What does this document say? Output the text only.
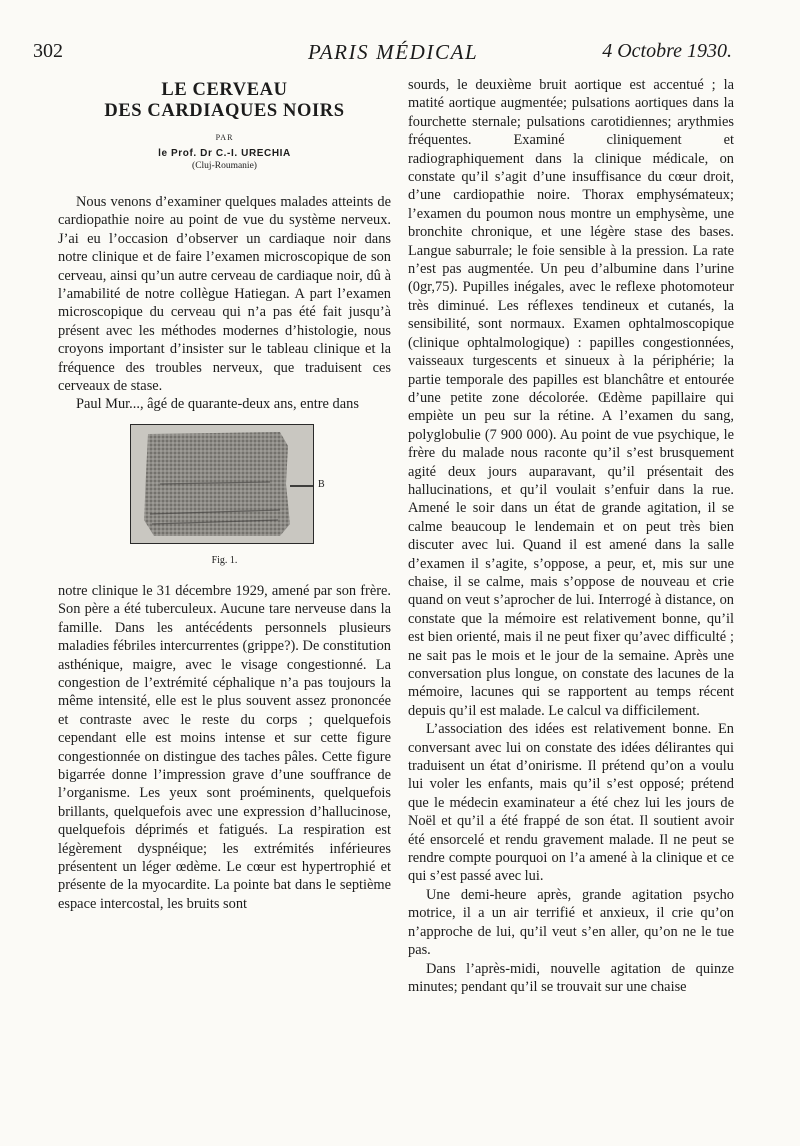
302	PARIS MÉDICAL	4 Octobre 1930.
LE CERVEAU
DES CARDIAQUES NOIRS
PAR
le Prof. Dr C.-I. URECHIA
(Cluj-Roumanie)

Nous venons d’examiner quelques malades atteints de cardiopathie noire au point de vue du système nerveux. J’ai eu l’occasion d’observer un cardiaque noir dans notre clinique et de faire l’examen microscopique de son cerveau, ainsi qu’un autre cerveau de cardiaque noir, dû à l’amabilité de notre collègue Hatiegan. A part l’examen microscopique du cerveau qui n’a pas été fait jusqu’à présent avec les méthodes modernes d’histologie, nous croyons important d’insister sur le tableau clinique et la fréquence des troubles nerveux, que traduisent ces cerveaux de stase.

Paul Mur..., âgé de quarante-deux ans, entre dans

B
Fig. 1.

notre clinique le 31 décembre 1929, amené par son frère. Son père a été tuberculeux. Aucune tare nerveuse dans la famille. Dans les antécédents personnels plusieurs maladies fébriles intercurrentes (grippe?). De constitution asthénique, maigre, avec le visage congestionné. La congestion de l’extrémité céphalique n’a pas toujours la même intensité, elle est le plus souvent assez prononcée et contraste avec le reste du corps ; quelquefois cependant elle est moins intense et sur cette figure congestionnée on distingue des taches pâles. Cette figure bigarrée donne l’impression grave d’une souffrance de l’organisme. Les yeux sont proéminents, quelquefois brillants, quelquefois avec une expression d’hallucinose, quelquefois déprimés et fatigués. La respiration est légèrement dyspnéique; les extrémités inférieures présentent un léger œdème. Le cœur est hypertrophié et présente de la myocardite. La pointe bat dans le septième espace intercostal, les bruits sont

sourds, le deuxième bruit aortique est accentué ; la matité aortique augmentée; pulsations aortiques dans la fourchette sternale; pulsations carotidiennes; arythmies fréquentes. Examiné cliniquement et radiographiquement dans la clinique médicale, on constate qu’il s’agit d’une insuffisance du cœur droit, d’une cardiopathie noire. Thorax emphysémateux; l’examen du poumon nous montre un emphysème, une bronchite chronique, et une légère stase des bases. Langue saburrale; le foie sensible à la pression. La rate n’est pas augmentée. Un peu d’albumine dans l’urine (0gr,75). Pupilles inégales, avec le reflexe photomoteur très diminué. Les réflexes tendineux et cutanés, la sensibilité, sont normaux. Examen ophtalmoscopique (clinique ophtalmologique) : papilles congestionnées, vaisseaux turgescents et sinueux à la périphérie; la partie temporale des papilles est blanchâtre et entourée d’une petite zone décolorée. Œdème papillaire qui empiète un peu sur la rétine. A l’examen du sang, polyglobulie (7 900 000). Au point de vue psychique, le frère du malade nous raconte qu’il s’est brusquement agité deux jours auparavant, qu’il présentait des hallucinations, et qu’il voulait s’enfuir dans la rue. Amené le soir dans un état de grande agitation, il se calme beaucoup le lendemain et on peut très bien discuter avec lui. Quand il est amené dans la salle d’examen il s’agite, s’oppose, a peur, et, mis sur une chaise, il se calme, mais s’oppose de nouveau et crie quand on veut s’aprocher de lui. Interrogé à distance, on constate que la mémoire est relativement bonne, qu’il est bien orienté, mais il ne peut fixer qu’avec difficulté ; ne sait pas le mois et le jour de la semaine. Après une conversation plus longue, on constate des lacunes de la mémoire, lacunes qui se rapportent au temps récent depuis qu’il est malade. Le calcul va difficilement.

L’association des idées est relativement bonne. En conversant avec lui on constate des idées délirantes qui traduisent un état d’onirisme. Il prétend qu’on a voulu lui voler les enfants, mais qu’il s’est opposé; prétend que le médecin examinateur a été chez lui les jours de Noël et qu’il a été frappé de son état. Il soutient avoir été ensorcelé et rendu gravement malade. Il ne peut se rendre compte pourquoi on l’a amené à la clinique et ce qui s’est passé avec lui.

Une demi-heure après, grande agitation psycho motrice, il a un air terrifié et anxieux, il crie qu’on n’approche de lui, qu’il veut s’en aller, qu’on ne le tue pas.

Dans l’après-midi, nouvelle agitation de quinze minutes; pendant qu’il se trouvait sur une chaise
